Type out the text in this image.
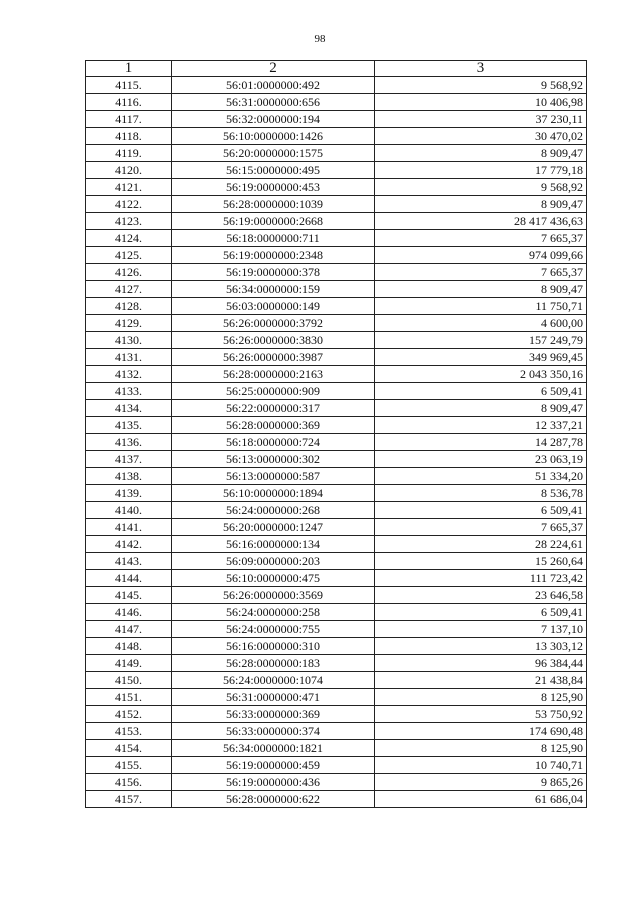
98
1	2	3
4115.	56:01:0000000:492	9 568,92
4116.	56:31:0000000:656	10 406,98
4117.	56:32:0000000:194	37 230,11
4118.	56:10:0000000:1426	30 470,02
4119.	56:20:0000000:1575	8 909,47
4120.	56:15:0000000:495	17 779,18
4121.	56:19:0000000:453	9 568,92
4122.	56:28:0000000:1039	8 909,47
4123.	56:19:0000000:2668	28 417 436,63
4124.	56:18:0000000:711	7 665,37
4125.	56:19:0000000:2348	974 099,66
4126.	56:19:0000000:378	7 665,37
4127.	56:34:0000000:159	8 909,47
4128.	56:03:0000000:149	11 750,71
4129.	56:26:0000000:3792	4 600,00
4130.	56:26:0000000:3830	157 249,79
4131.	56:26:0000000:3987	349 969,45
4132.	56:28:0000000:2163	2 043 350,16
4133.	56:25:0000000:909	6 509,41
4134.	56:22:0000000:317	8 909,47
4135.	56:28:0000000:369	12 337,21
4136.	56:18:0000000:724	14 287,78
4137.	56:13:0000000:302	23 063,19
4138.	56:13:0000000:587	51 334,20
4139.	56:10:0000000:1894	8 536,78
4140.	56:24:0000000:268	6 509,41
4141.	56:20:0000000:1247	7 665,37
4142.	56:16:0000000:134	28 224,61
4143.	56:09:0000000:203	15 260,64
4144.	56:10:0000000:475	111 723,42
4145.	56:26:0000000:3569	23 646,58
4146.	56:24:0000000:258	6 509,41
4147.	56:24:0000000:755	7 137,10
4148.	56:16:0000000:310	13 303,12
4149.	56:28:0000000:183	96 384,44
4150.	56:24:0000000:1074	21 438,84
4151.	56:31:0000000:471	8 125,90
4152.	56:33:0000000:369	53 750,92
4153.	56:33:0000000:374	174 690,48
4154.	56:34:0000000:1821	8 125,90
4155.	56:19:0000000:459	10 740,71
4156.	56:19:0000000:436	9 865,26
4157.	56:28:0000000:622	61 686,04
